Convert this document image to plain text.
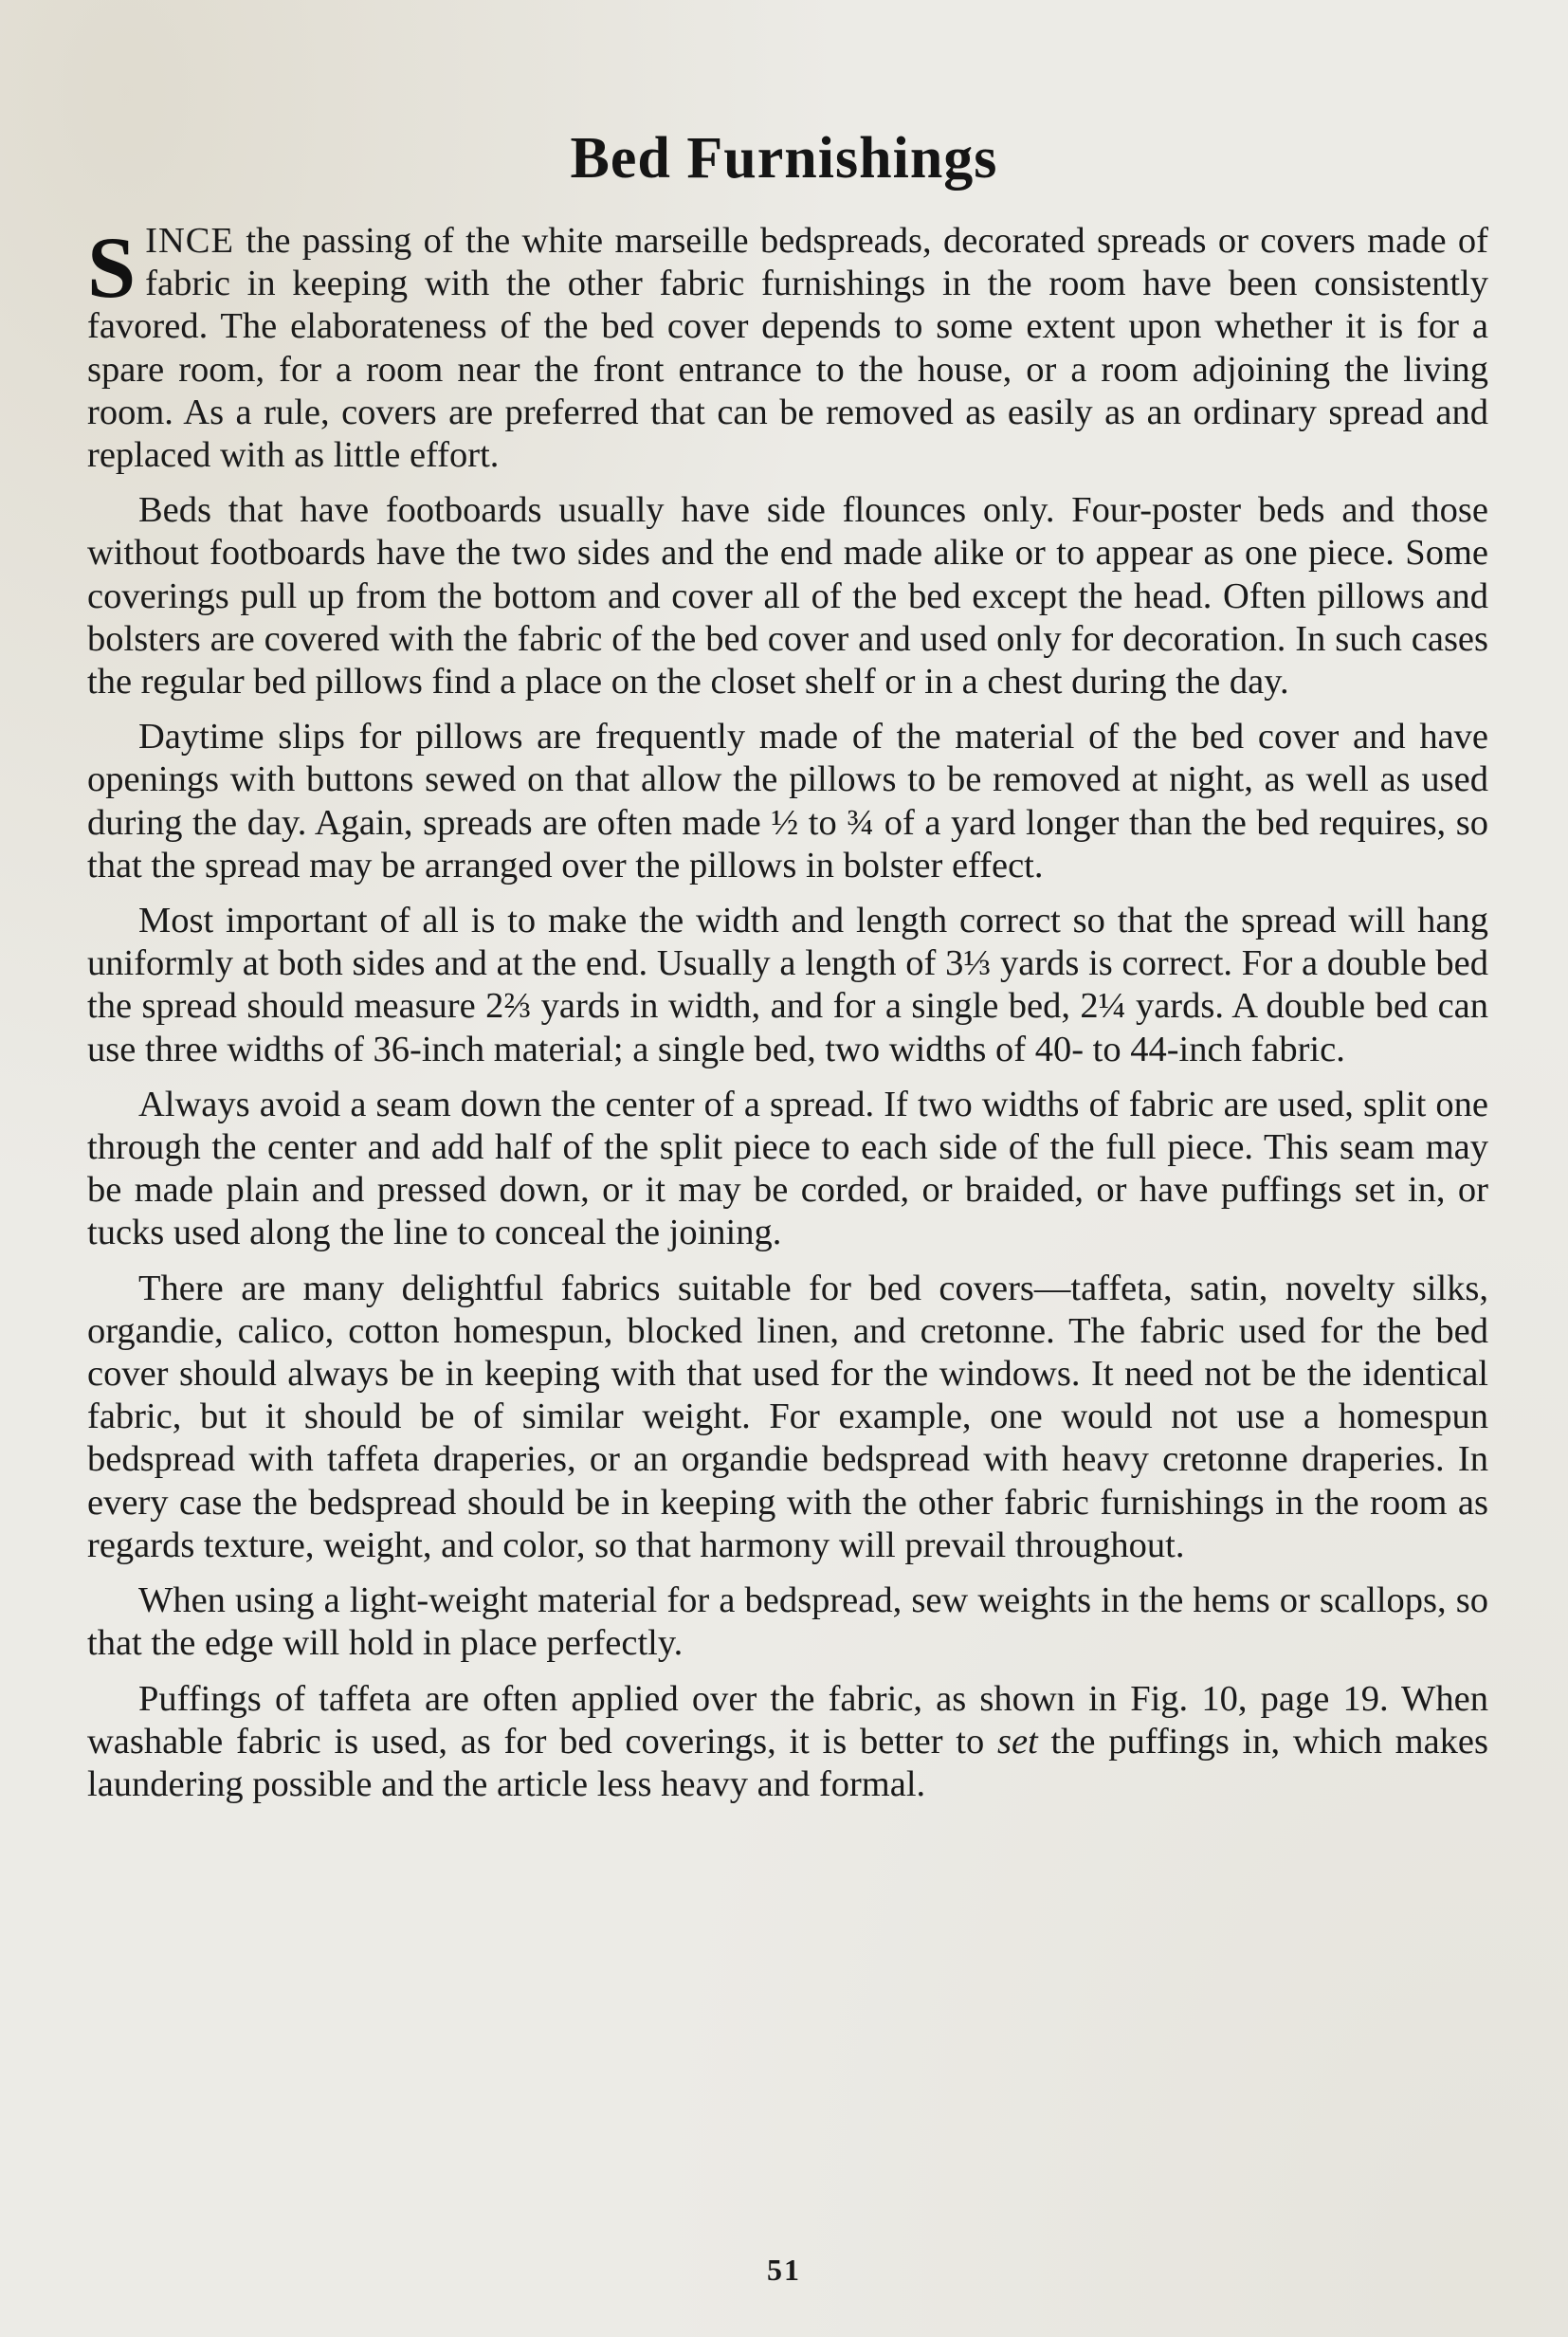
Bed Furnishings

SINCE the passing of the white marseille bedspreads, decorated spreads or covers made of fabric in keeping with the other fabric furnishings in the room have been consistently favored. The elaborateness of the bed cover depends to some extent upon whether it is for a spare room, for a room near the front entrance to the house, or a room adjoining the living room. As a rule, covers are preferred that can be removed as easily as an ordinary spread and replaced with as little effort.

Beds that have footboards usually have side flounces only. Four-poster beds and those without footboards have the two sides and the end made alike or to appear as one piece. Some coverings pull up from the bottom and cover all of the bed except the head. Often pillows and bolsters are covered with the fabric of the bed cover and used only for decoration. In such cases the regular bed pillows find a place on the closet shelf or in a chest during the day.

Daytime slips for pillows are frequently made of the material of the bed cover and have openings with buttons sewed on that allow the pillows to be removed at night, as well as used during the day. Again, spreads are often made ½ to ¾ of a yard longer than the bed requires, so that the spread may be arranged over the pillows in bolster effect.

Most important of all is to make the width and length correct so that the spread will hang uniformly at both sides and at the end. Usually a length of 3⅓ yards is correct. For a double bed the spread should measure 2⅔ yards in width, and for a single bed, 2¼ yards. A double bed can use three widths of 36-inch material; a single bed, two widths of 40- to 44-inch fabric.

Always avoid a seam down the center of a spread. If two widths of fabric are used, split one through the center and add half of the split piece to each side of the full piece. This seam may be made plain and pressed down, or it may be corded, or braided, or have puffings set in, or tucks used along the line to conceal the joining.

There are many delightful fabrics suitable for bed covers—taffeta, satin, novelty silks, organdie, calico, cotton homespun, blocked linen, and cretonne. The fabric used for the bed cover should always be in keeping with that used for the windows. It need not be the identical fabric, but it should be of similar weight. For example, one would not use a homespun bedspread with taffeta draperies, or an organdie bedspread with heavy cretonne draperies. In every case the bedspread should be in keeping with the other fabric furnishings in the room as regards texture, weight, and color, so that harmony will prevail throughout.

When using a light-weight material for a bedspread, sew weights in the hems or scallops, so that the edge will hold in place perfectly.

Puffings of taffeta are often applied over the fabric, as shown in Fig. 10, page 19. When washable fabric is used, as for bed coverings, it is better to set the puffings in, which makes laundering possible and the article less heavy and formal.

51
